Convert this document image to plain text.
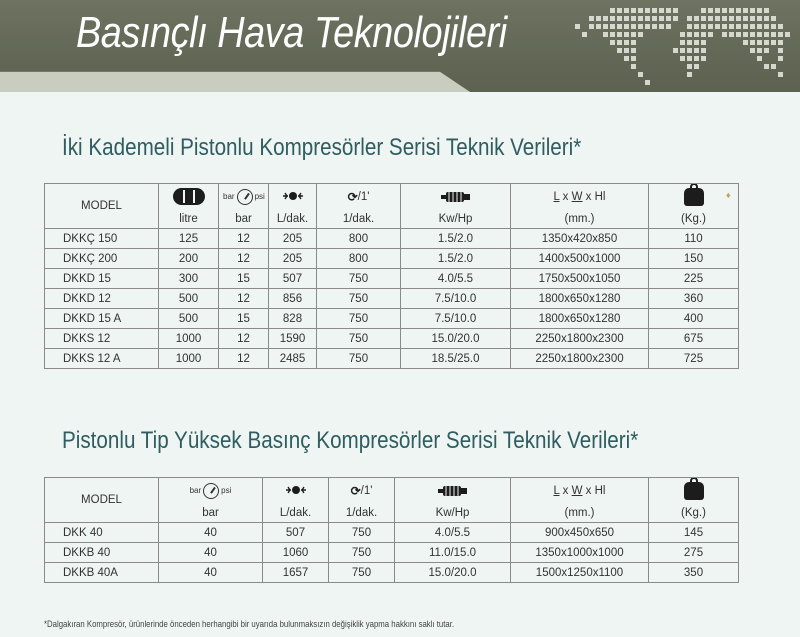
Basınçlı Hava Teknolojileri
İki Kademeli Pistonlu Kompresörler Serisi Teknik Verileri*
MODEL		bar psi		⟳/1'		L x W x Hl	
	litre	bar	L/dak.	1/dak.	Kw/Hp	(mm.)	(Kg.)
DKKÇ 150	125	12	205	800	1.5/2.0	1350x420x850	110
DKKÇ 200	200	12	205	800	1.5/2.0	1400x500x1000	150
DKKD 15	300	15	507	750	4.0/5.5	1750x500x1050	225
DKKD 12	500	12	856	750	7.5/10.0	1800x650x1280	360
DKKD 15 A	500	15	828	750	7.5/10.0	1800x650x1280	400
DKKS 12	1000	12	1590	750	15.0/20.0	2250x1800x2300	675
DKKS 12 A	1000	12	2485	750	18.5/25.0	2250x1800x2300	725
♦
Pistonlu Tip Yüksek Basınç Kompresörler Serisi Teknik Verileri*
MODEL	bar psi		⟳/1'		L x W x Hl	
	bar	L/dak.	1/dak.	Kw/Hp	(mm.)	(Kg.)
DKK 40	40	507	750	4.0/5.5	900x450x650	145
DKKB 40	40	1060	750	11.0/15.0	1350x1000x1000	275
DKKB 40A	40	1657	750	15.0/20.0	1500x1250x1100	350
*Dalgakıran Kompresör, ürünlerinde önceden herhangibi bir uyarıda bulunmaksızın değişiklik yapma hakkını saklı tutar.
